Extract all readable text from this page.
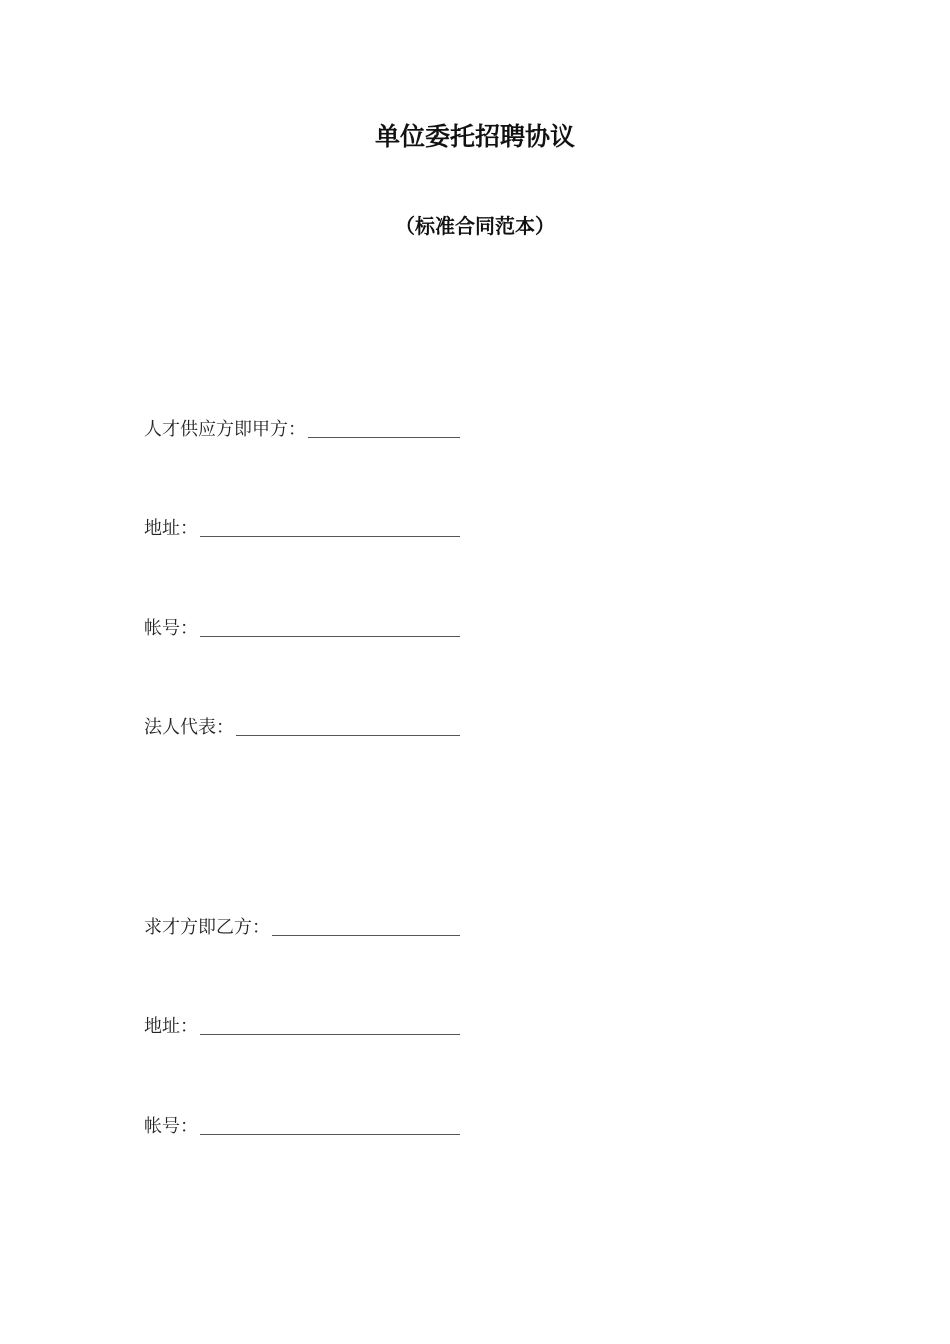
单位委托招聘协议
（标准合同范本）
人才供应方即甲方：
地址：
帐号：
法人代表：
求才方即乙方：
地址：
帐号：
